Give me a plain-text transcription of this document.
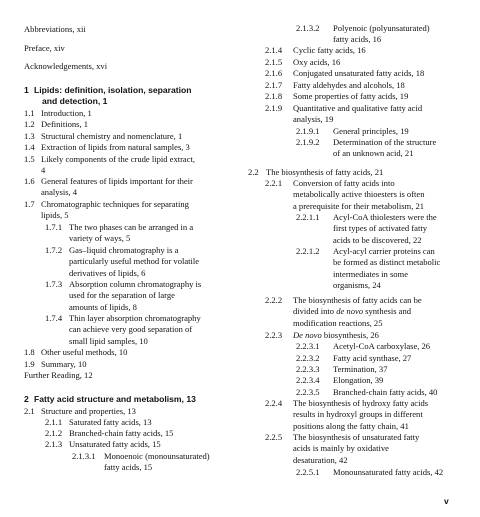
Abbreviations, xii
Preface, xiv
Acknowledgements, xvi
1 Lipids: definition, isolation, separation
and detection, 1
1.1 Introduction, 1
1.2 Definitions, 1
1.3 Structural chemistry and nomenclature, 1
1.4 Extraction of lipids from natural samples, 3
1.5 Likely components of the crude lipid extract,
4
1.6 General features of lipids important for their
analysis, 4
1.7 Chromatographic techniques for separating
lipids, 5
1.7.1 The two phases can be arranged in a
variety of ways, 5
1.7.2 Gas–liquid chromatography is a
particularly useful method for volatile
derivatives of lipids, 6
1.7.3 Absorption column chromatography is
used for the separation of large
amounts of lipids, 8
1.7.4 Thin layer absorption chromatography
can achieve very good separation of
small lipid samples, 10
1.8 Other useful methods, 10
1.9 Summary, 10
Further Reading, 12
2 Fatty acid structure and metabolism, 13
2.1 Structure and properties, 13
2.1.1 Saturated fatty acids, 13
2.1.2 Branched-chain fatty acids, 15
2.1.3 Unsaturated fatty acids, 15
2.1.3.1 Monoenoic (monounsaturated)
fatty acids, 15
2.1.3.2 Polyenoic (polyunsaturated)
fatty acids, 16
2.1.4 Cyclic fatty acids, 16
2.1.5 Oxy acids, 16
2.1.6 Conjugated unsaturated fatty acids, 18
2.1.7 Fatty aldehydes and alcohols, 18
2.1.8 Some properties of fatty acids, 19
2.1.9 Quantitative and qualitative fatty acid
analysis, 19
2.1.9.1 General principles, 19
2.1.9.2 Determination of the structure
of an unknown acid, 21
2.2 The biosynthesis of fatty acids, 21
2.2.1 Conversion of fatty acids into
metabolically active thioesters is often
a prerequisite for their metabolism, 21
2.2.1.1 Acyl-CoA thiolesters were the
first types of activated fatty
acids to be discovered, 22
2.2.1.2 Acyl-acyl carrier proteins can
be formed as distinct metabolic
intermediates in some
organisms, 24
2.2.2 The biosynthesis of fatty acids can be
divided into de novo synthesis and
modification reactions, 25
2.2.3 De novo biosynthesis, 26
2.2.3.1 Acetyl-CoA carboxylase, 26
2.2.3.2 Fatty acid synthase, 27
2.2.3.3 Termination, 37
2.2.3.4 Elongation, 39
2.2.3.5 Branched-chain fatty acids, 40
2.2.4 The biosynthesis of hydroxy fatty acids
results in hydroxyl groups in different
positions along the fatty chain, 41
2.2.5 The biosynthesis of unsaturated fatty
acids is mainly by oxidative
desaturation, 42
2.2.5.1 Monounsaturated fatty acids, 42
v
